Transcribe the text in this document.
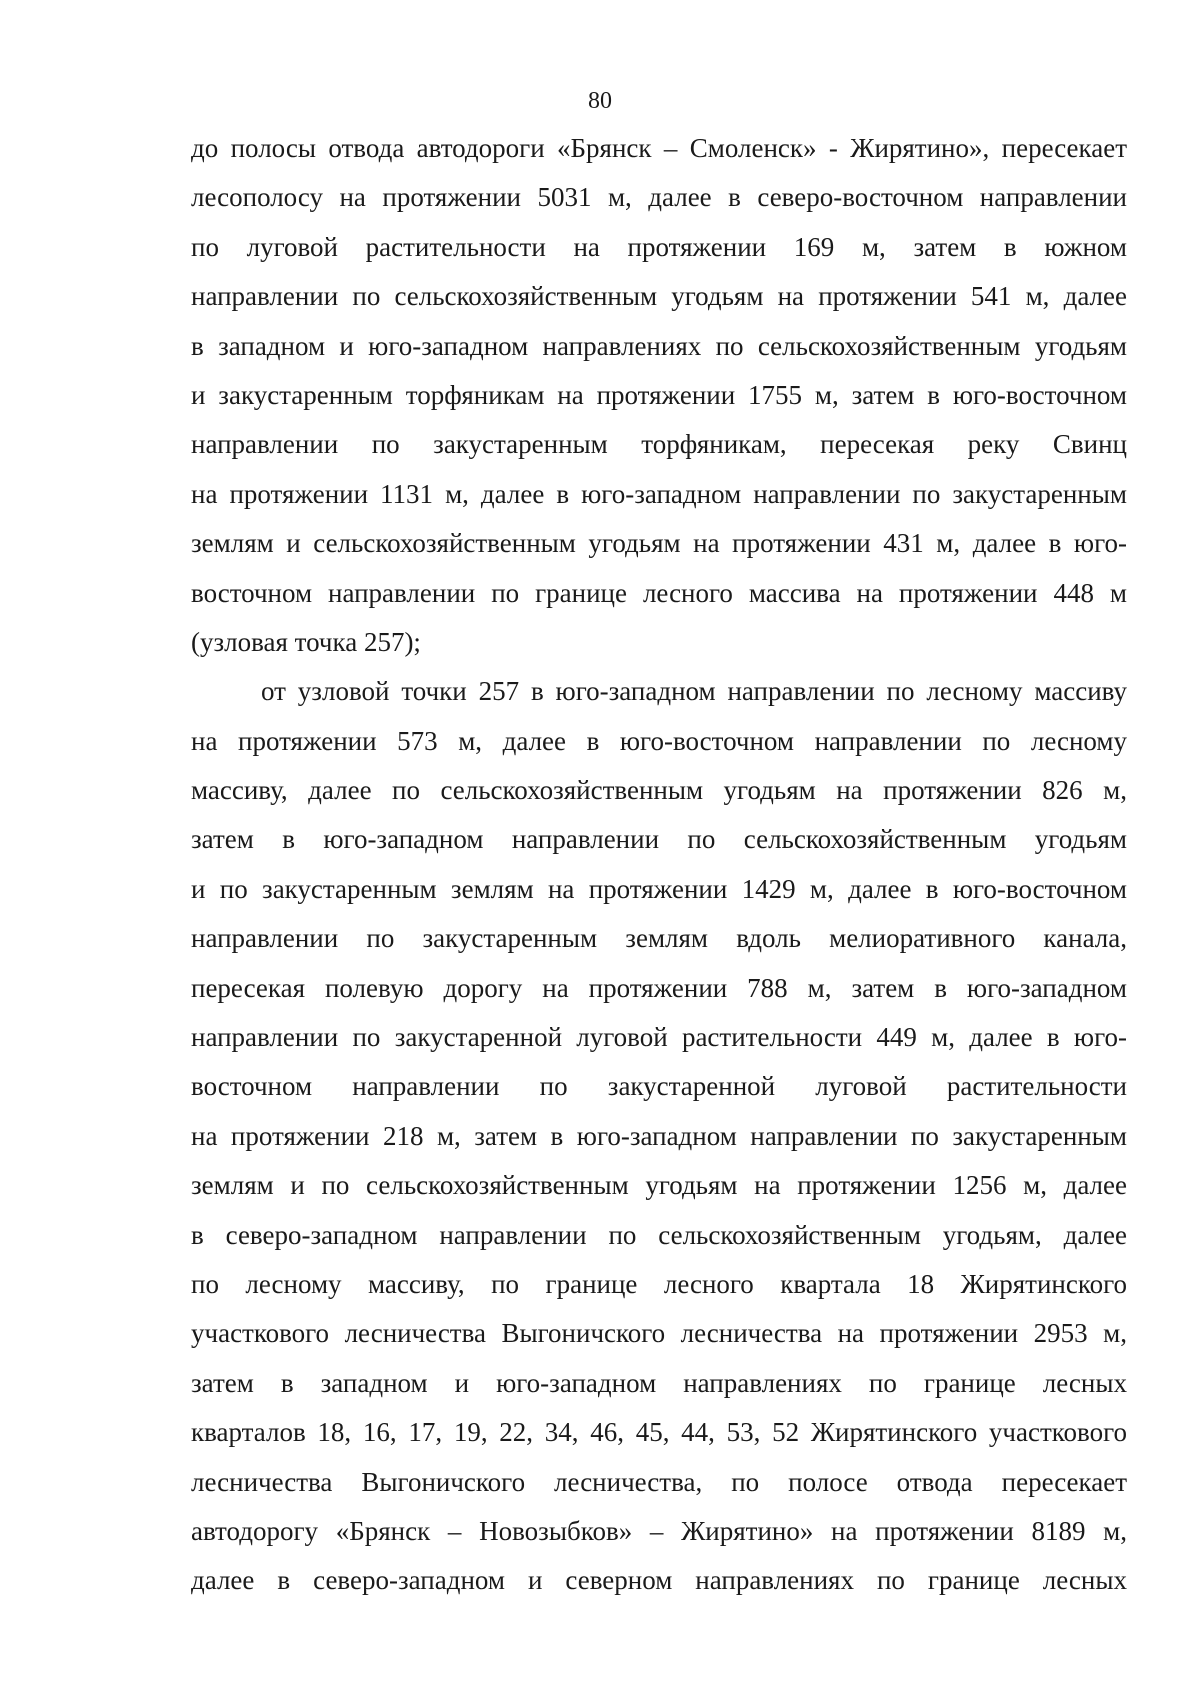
80
до полосы отвода автодороги «Брянск – Смоленск» - Жирятино», пересекает
лесополосу на протяжении 5031 м, далее в северо-восточном направлении
по луговой растительности на протяжении 169 м, затем в южном
направлении по сельскохозяйственным угодьям на протяжении 541 м, далее
в западном и юго-западном направлениях по сельскохозяйственным угодьям
и закустаренным торфяникам на протяжении 1755 м, затем в юго-восточном
направлении по закустаренным торфяникам, пересекая реку Свинц
на протяжении 1131 м, далее в юго-западном направлении по закустаренным
землям и сельскохозяйственным угодьям на протяжении 431 м, далее в юго-
восточном направлении по границе лесного массива на протяжении 448 м
(узловая точка 257);
от узловой точки 257 в юго-западном направлении по лесному массиву
на протяжении 573 м, далее в юго-восточном направлении по лесному
массиву, далее по сельскохозяйственным угодьям на протяжении 826 м,
затем в юго-западном направлении по сельскохозяйственным угодьям
и по закустаренным землям на протяжении 1429 м, далее в юго-восточном
направлении по закустаренным землям вдоль мелиоративного канала,
пересекая полевую дорогу на протяжении 788 м, затем в юго-западном
направлении по закустаренной луговой растительности 449 м, далее в юго-
восточном направлении по закустаренной луговой растительности
на протяжении 218 м, затем в юго-западном направлении по закустаренным
землям и по сельскохозяйственным угодьям на протяжении 1256 м, далее
в северо-западном направлении по сельскохозяйственным угодьям, далее
по лесному массиву, по границе лесного квартала 18 Жирятинского
участкового лесничества Выгоничского лесничества на протяжении 2953 м,
затем в западном и юго-западном направлениях по границе лесных
кварталов 18, 16, 17, 19, 22, 34, 46, 45, 44, 53, 52 Жирятинского участкового
лесничества Выгоничского лесничества, по полосе отвода пересекает
автодорогу «Брянск – Новозыбков» – Жирятино» на протяжении 8189 м,
далее в северо-западном и северном направлениях по границе лесных
